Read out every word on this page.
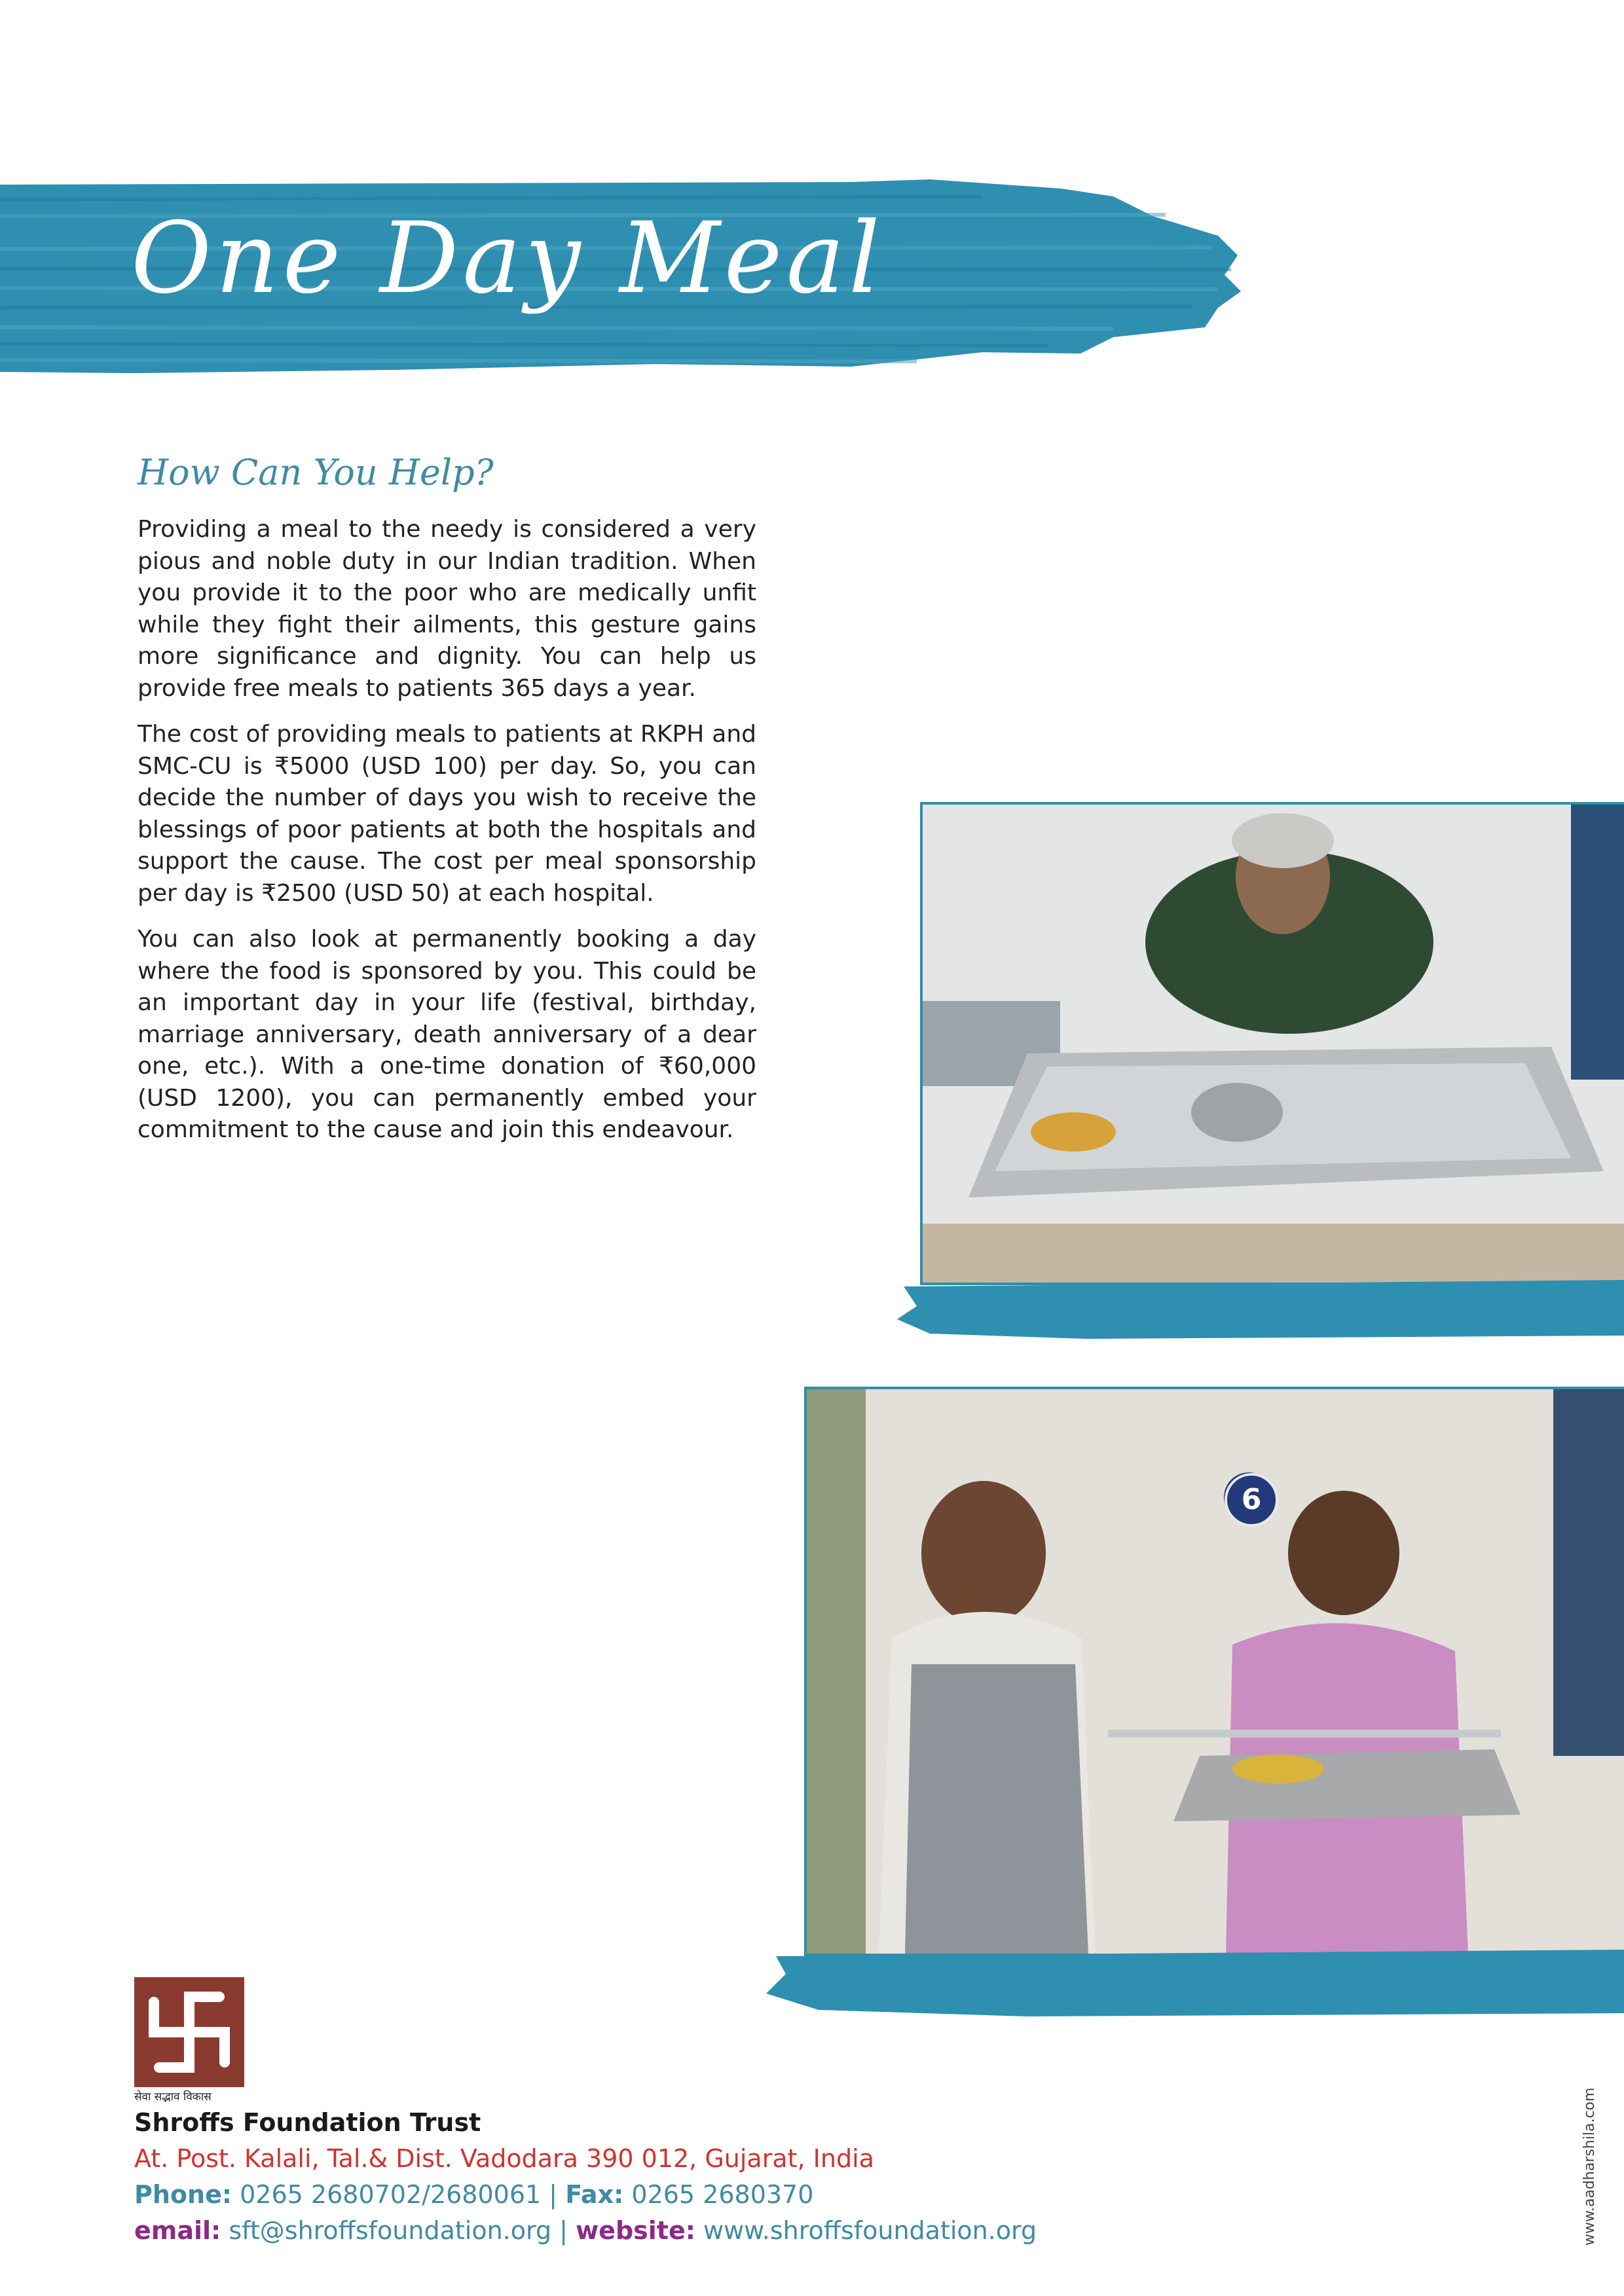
One Day Meal
How Can You Help?

Providing a meal to the needy is considered a very pious and noble duty in our Indian tradition. When you provide it to the poor who are medically unfit while they fight their ailments, this gesture gains more significance and dignity. You can help us provide free meals to patients 365 days a year.

The cost of providing meals to patients at RKPH and SMC-CU is ₹5000 (USD 100) per day. So, you can decide the number of days you wish to receive the blessings of poor patients at both the hospitals and support the cause. The cost per meal sponsorship per day is ₹2500 (USD 50) at each hospital.

You can also look at permanently booking a day where the food is sponsored by you. This could be an important day in your life (festival, birthday, marriage anniversary, death anniversary of a dear one, etc.). With a one-time donation of ₹60,000 (USD 1200), you can permanently embed your commitment to the cause and join this endeavour.

6
सेवा सद्भाव विकास
Shroffs Foundation Trust
At. Post. Kalali, Tal.& Dist. Vadodara 390 012, Gujarat, India
Phone: 0265 2680702/2680061 | Fax: 0265 2680370
email: sft@shroffsfoundation.org | website: www.shroffsfoundation.org	www.aadharshila.com
